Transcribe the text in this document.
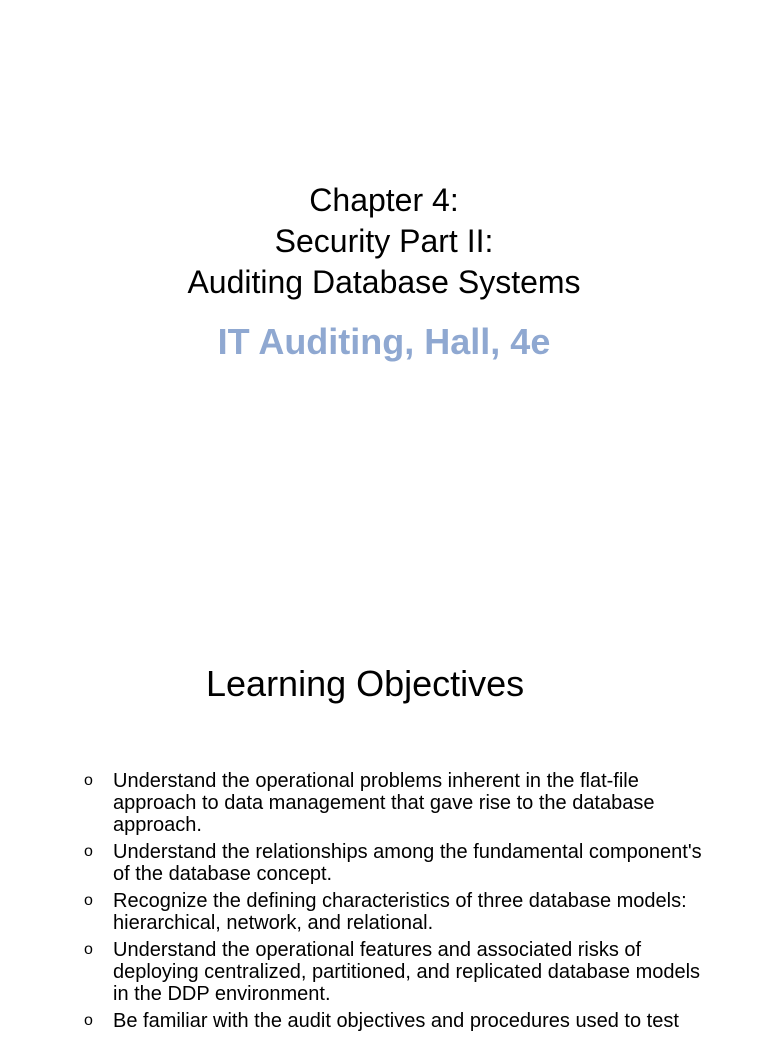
Chapter 4:

Security Part II:

Auditing Database Systems

IT Auditing, Hall, 4e

Learning Objectives
o Understand the operational problems inherent in the flat-file approach to data management that gave rise to the database approach.
o Understand the relationships among the fundamental component's of the database concept.
o Recognize the defining characteristics of three database models: hierarchical, network, and relational.
o Understand the operational features and associated risks of deploying centralized, partitioned, and replicated database models in the DDP environment.
o Be familiar with the audit objectives and procedures used to test
